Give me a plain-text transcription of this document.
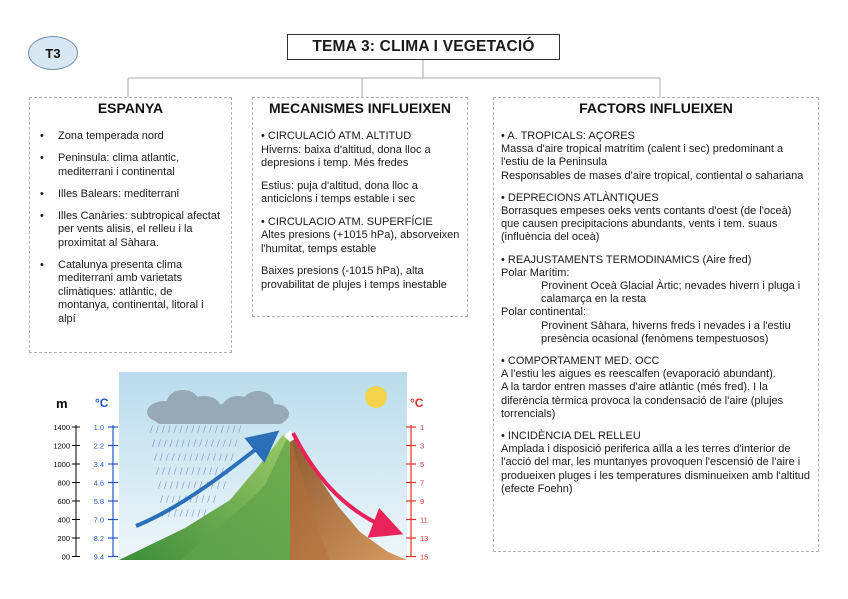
T3	TEMA 3: CLIMA I VEGETACIÓ
ESPANYA
• Zona temperada nord
• Peninsula: clima atlantic, mediterrani i continental
• Illes Balears: mediterrani
• Illes Canàries: subtropical afectat per vents alisis, el relleu i la proximitat al Sàhara.
• Catalunya presenta clima mediterrani amb varietats climàtiques: atlàntic, de montanya, continental, litoral i alpí
MECANISMES INFLUEIXEN

• CIRCULACIÓ ATM. ALTITUD

Hiverns: baixa d'altitud, dona lloc a depresions i temp. Més fredes

Estius: puja d'altitud, dona lloc a anticiclons i temps estable i sec

• CIRCULACIO ATM. SUPERFÍCIE

Altes presions (+1015 hPa), absorveixen l'humitat, temps estable

Baixes presions (-1015 hPa), alta provabilitat de plujes i temps inestable

FACTORS INFLUEIXEN

• A. TROPICALS: AÇORES

Massa d'aire tropical matrítim (calent i sec) predominant a l'estiu de la Peninsula

Responsables de mases d'aire tropical, contiental o sahariana

• DEPRECIONS ATLÀNTIQUES

Borrasques empeses oeks vents contants d'oest (de l'oceà) que causen precipitacions abundants, vents i tem. suaus (influència del oceà)

• REAJUSTAMENTS TERMODINAMICS (Aire fred)

Polar Marítim:

Provinent Oceà Glacial Àrtic; nevades hivern i pluga i calamarça en la resta

Polar continental:

Provinent Sàhara, hiverns freds i nevades i a l'estiu presència ocasional (fenòmens tempestuosos)

• COMPORTAMENT MED. OCC

A l'estiu les aigues es reescalfen (evaporació abundant).

A la tardor entren masses d'aire atlàntic (més fred). I la diferència tèrmica provoca la condensació de l'aire (plujes torrencials)

• INCIDÈNCIA DEL RELLEU

Amplada i disposició periferica aïlla a les terres d'interior de l'acció del mar, les muntanyes provoquen l'escensió de l'aire i produeixen pluges i les temperatures disminueixen amb l'altitud (efecte Foehn)

/ / / / / / / / / / / / / / / /
/ / / / / / / / / / / / / / /
/ / / / / / / / / / / / / /
/ / / / / / / / / / / / /
/ / / / / / / / / / / /
/ / / / / / / / / /
/ / / / / / / /
1400
1200
1000
800
600
400
200
00
1.0
2.2
3.4
4.6
5.8
7.0
8.2
9.4
1
3
5
7
9
11
13
15
m °C	°C
